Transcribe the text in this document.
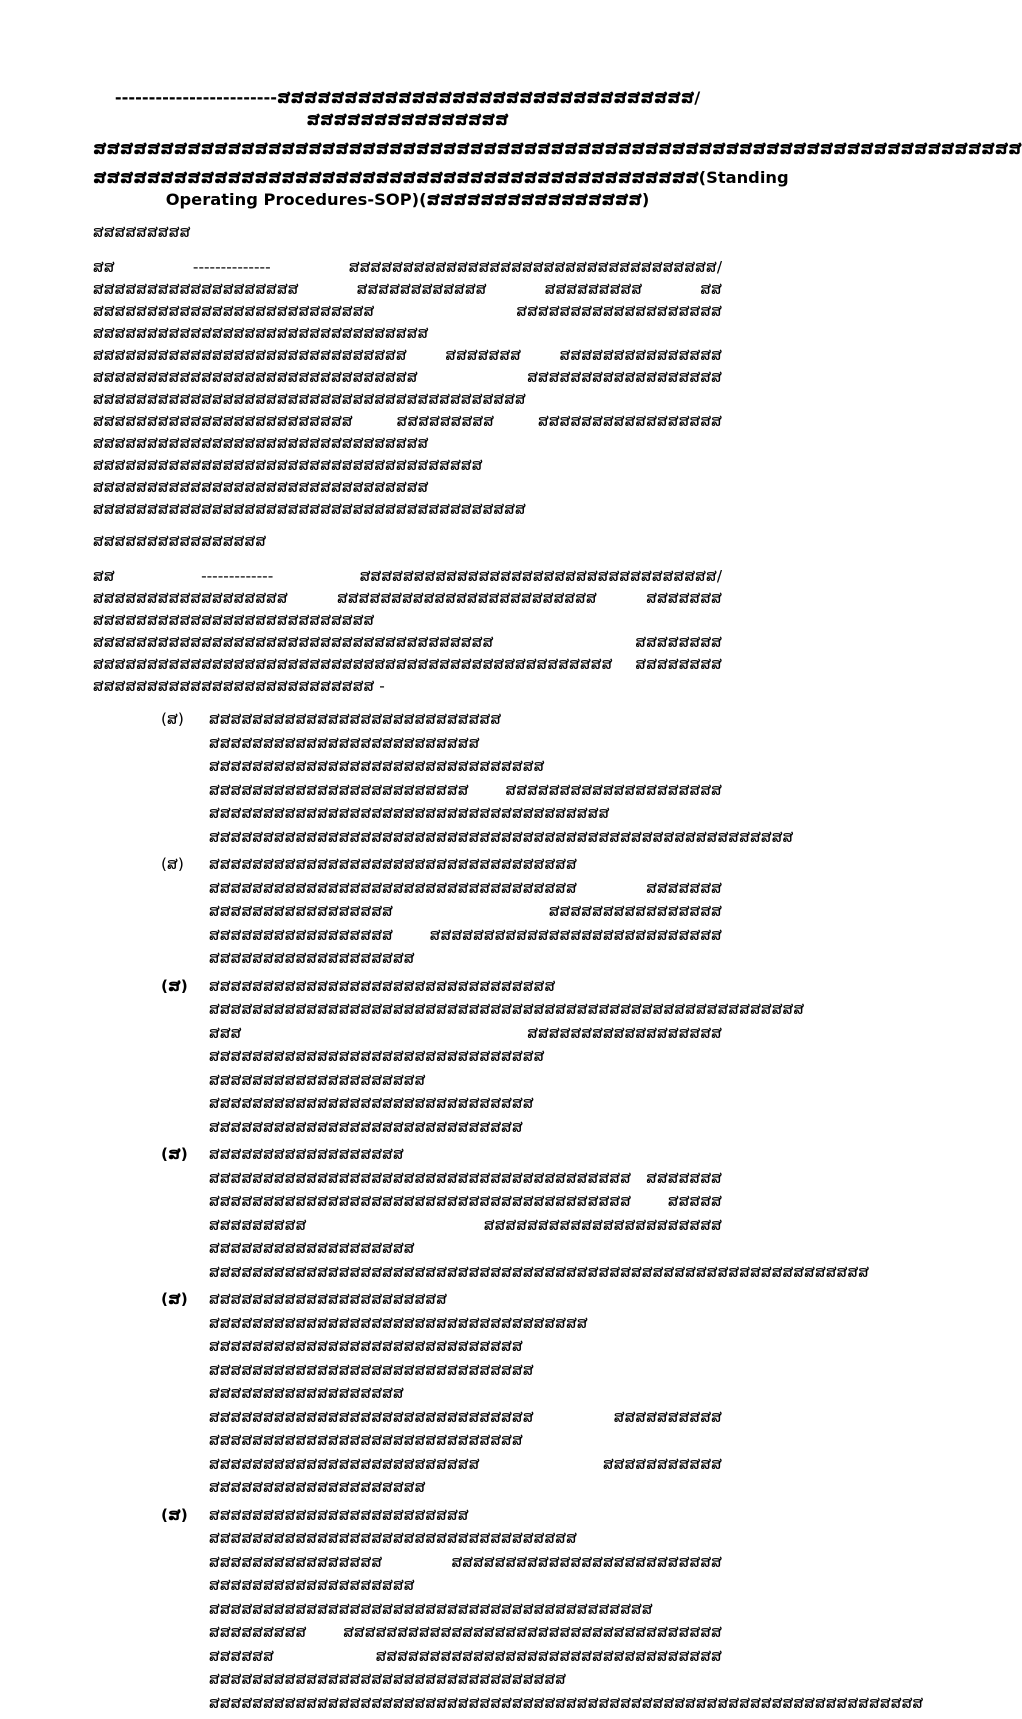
------------------------ສສສສສສສສສສສສສສສສສສສສສສສສສສສສສສສ/ສສສສສສສສສສສສສສສ
ສສສສສສສສສສສສສສສສສສສສສສສສສສສສສສສສສສສສສສສສສສສສສສສສສສສສສສສສສສສສສສສສສສສສສ
ສສສສສສສສສສສສສສສສສສສສສສສສສສສສສສສສສສສສສສສສສສສສສ(Standing Operating Procedures-SOP)(ສສສສສສສສສສສສສສສສ)
ສສສສສສສສສ

ສສ -------------- ສສສສສສສສສສສສສສສສສສສສສສສສສສສສສສສສສສ/ສສສສສສສສສສສສສສສສສສສ ສສສສສສສສສສສສ ສສສສສສສສສ ສສ ສສສສສສສສສສສສສສສສສສສສສສສສສສ ສສສສສສສສສສສສສສສສສສສ ສສສສສສສສສສສສສສສສສສສສສສສສສສສສສສສ ສສສສສສສສສສສສສສສສສສສສສສສສສສສສສ ສສສສສສສ ສສສສສສສສສສສສສສສ ສສສສສສສສສສສສສສສສສສສສສສສສສສສສສສ ສສສສສສສສສສສສສສສສສສ ສສສສສສສສສສສສສສສສສສສສສສສສສສສສສສສສສສສສສສສສ ສສສສສສສສສສສສສສສສສສສສສສສສ ສສສສສສສສສ ສສສສສສສສສສສສສສສສສ ສສສສສສສສສສສສສສສສສສສສສສສສສສສສສສສ ສສສສສສສສສສສສສສສສສສສສສສສສສສສສສສສສສສສສ ສສສສສສສສສສສສສສສສສສສສສສສສສສສສສສສ ສສສສສສສສສສສສສສສສສສສສສສສສສສສສສສສສສສສສສສສສ

ສສສສສສສສສສສສສສສສ

ສສ ------------- ສສສສສສສສສສສສສສສສສສສສສສສສສສສສສສສສສ/ ສສສສສສສສສສສສສສສສສສ ສສສສສສສສສສສສສສສສສສສສສສສສ ສສສສສສສ ສສສສສສສສສສສສສສສສສສສສສສສສສສ ສສສສສສສສສສສສສສສສສສສສສສສສສສສສສສສສສສສສສ ສສສສສສສສ ສສສສສສສສສສສສສສສສສສສສສສສສສສສສສສສສສສສສສສສສສສສສສສສສ ສສສສສສສສ ສສສສສສສສສສສສສສສສສສສສສສສສສສ -

(ສ) ສສສສສສສສສສສສສສສສສສສສສສສສສສສ ສສສສສສສສສສສສສສສສສສສສສສສສສ ສສສສສສສສສສສສສສສສສສສສສສສສສສສສສສສ ສສສສສສສສສສສສສສສສສສສສສສສສ ສສສສສສສສສສສສສສສສສສສສ ສສສສສສສສສສສສສສສສສສສສສສສສສສສສສສສສສສສສສ ສສສສສສສສສສສສສສສສສສສສສສສສສສສສສສສສສສສສສສສສສສສສສສສສສສສສສສ
(ສ) ສສສສສສສສສສສສສສສສສສສສສສສສສສສສສສສສສສ ສສສສສສສສສສສສສສສສສສສສສສສສສສສສສສສສສສ ສສສສສສສ ສສສສສສສສສສສສສສສສສ ສສສສສສສສສສສສສສສສ ສສສສສສສສສສສສສສສສສ ສສສສສສສສສສສສສສສສສສສສສສສສສສສ ສສສສສສສສສສສສສສສສສສສ
(ສ) ສສສສສສສສສສສສສສສສສສສສສສສສສສສສສສສສ ສສສສສສສສສສສສສສສສສສສສສສສສສສສສສສສສສສສສສສສສສສສສສສສສສສສສສສສ ສສສ ສສສສສສສສສສສສສສສສສສ ສສສສສສສສສສສສສສສສສສສສສສສສສສສສສສສ ສສສສສສສສສສສສສສສສສສສສ ສສສສສສສສສສສສສສສສສສສສສສສສສສສສສສ ສສສສສສສສສສສສສສສສສສສສສສສສສສສສສ
(ສ) ສສສສສສສສສສສສສສສສສສ ສສສສສສສສສສສສສສສສສສສສສສສສສສສສສສສສສສສສສສສ ສສສສສສສ ສສສສສສສສສສສສສສສສສສສສສສສສສສສສສສສສສສສສສສສ ສສສສສ ສສສສສສສສສ ສສສສສສສສສສສສສສສສສສສສສສ ສສສສສສສສສສສສສສສສສສສ ສສສສສສສສສສສສສສສສສສສສສສສສສສສສສສສສສສສສສສສສສສສສສສສສສສສສສສສສສສສສສ
(ສ) ສສສສສສສສສສສສສສສສສສສສສສ ສສສສສສສສສສສສສສສສສສສສສສສສສສສສສສສສສສສ ສສສສສສສສສສສສສສສສສສສສສສສສສສສສສ ສສສສສສສສສສສສສສສສສສສສສສສສສສສສສສ ສສສສສສສສສສສສສສສສສສ ສສສສສສສສສສສສສສສສສສສສສສສສສສສສສສ ສສສສສສສສສສ ສສສສສສສສສສສສສສສສສສສສສສສສສສສສສ ສສສສສສສສສສສສສສສສສສສສສສສສສ ສສສສສສສສສສສ ສສສສສສສສສສສສສສສສສສສສ
(ສ) ສສສສສສສສສສສສສສສສສສສສສສສສ ສສສສສສສສສສສສສສສສສສສສສສສສສສສສສສສສສສ ສສສສສສສສສສສສສສສສ ສສສສສສສສສສສສສສສສສສສສສສສສສ ສສສສສສສສສສສສສສສສສສສ ສສສສສສສສສສສສສສສສສສສສສສສສສສສສສສສສສສສສສສສສສ ສສສສສສສສສ ສສສສສສສສສສສສສສສສສສສສສສສສສສສສສສສສສສສ ສສສສສສ ສສສສສສສສສສສສສສສສສສສສສສສສສສສສສສສສ ສສສສສສສສສສສສສສສສສສສສສສສສສສສສສສສສສ ສສສສສສສສສສສສສສສສສສສສສສສສສສສສສສສສສສສສສສສສສສສສສສສສສສສສສສສສສສສສສສສສສສ
